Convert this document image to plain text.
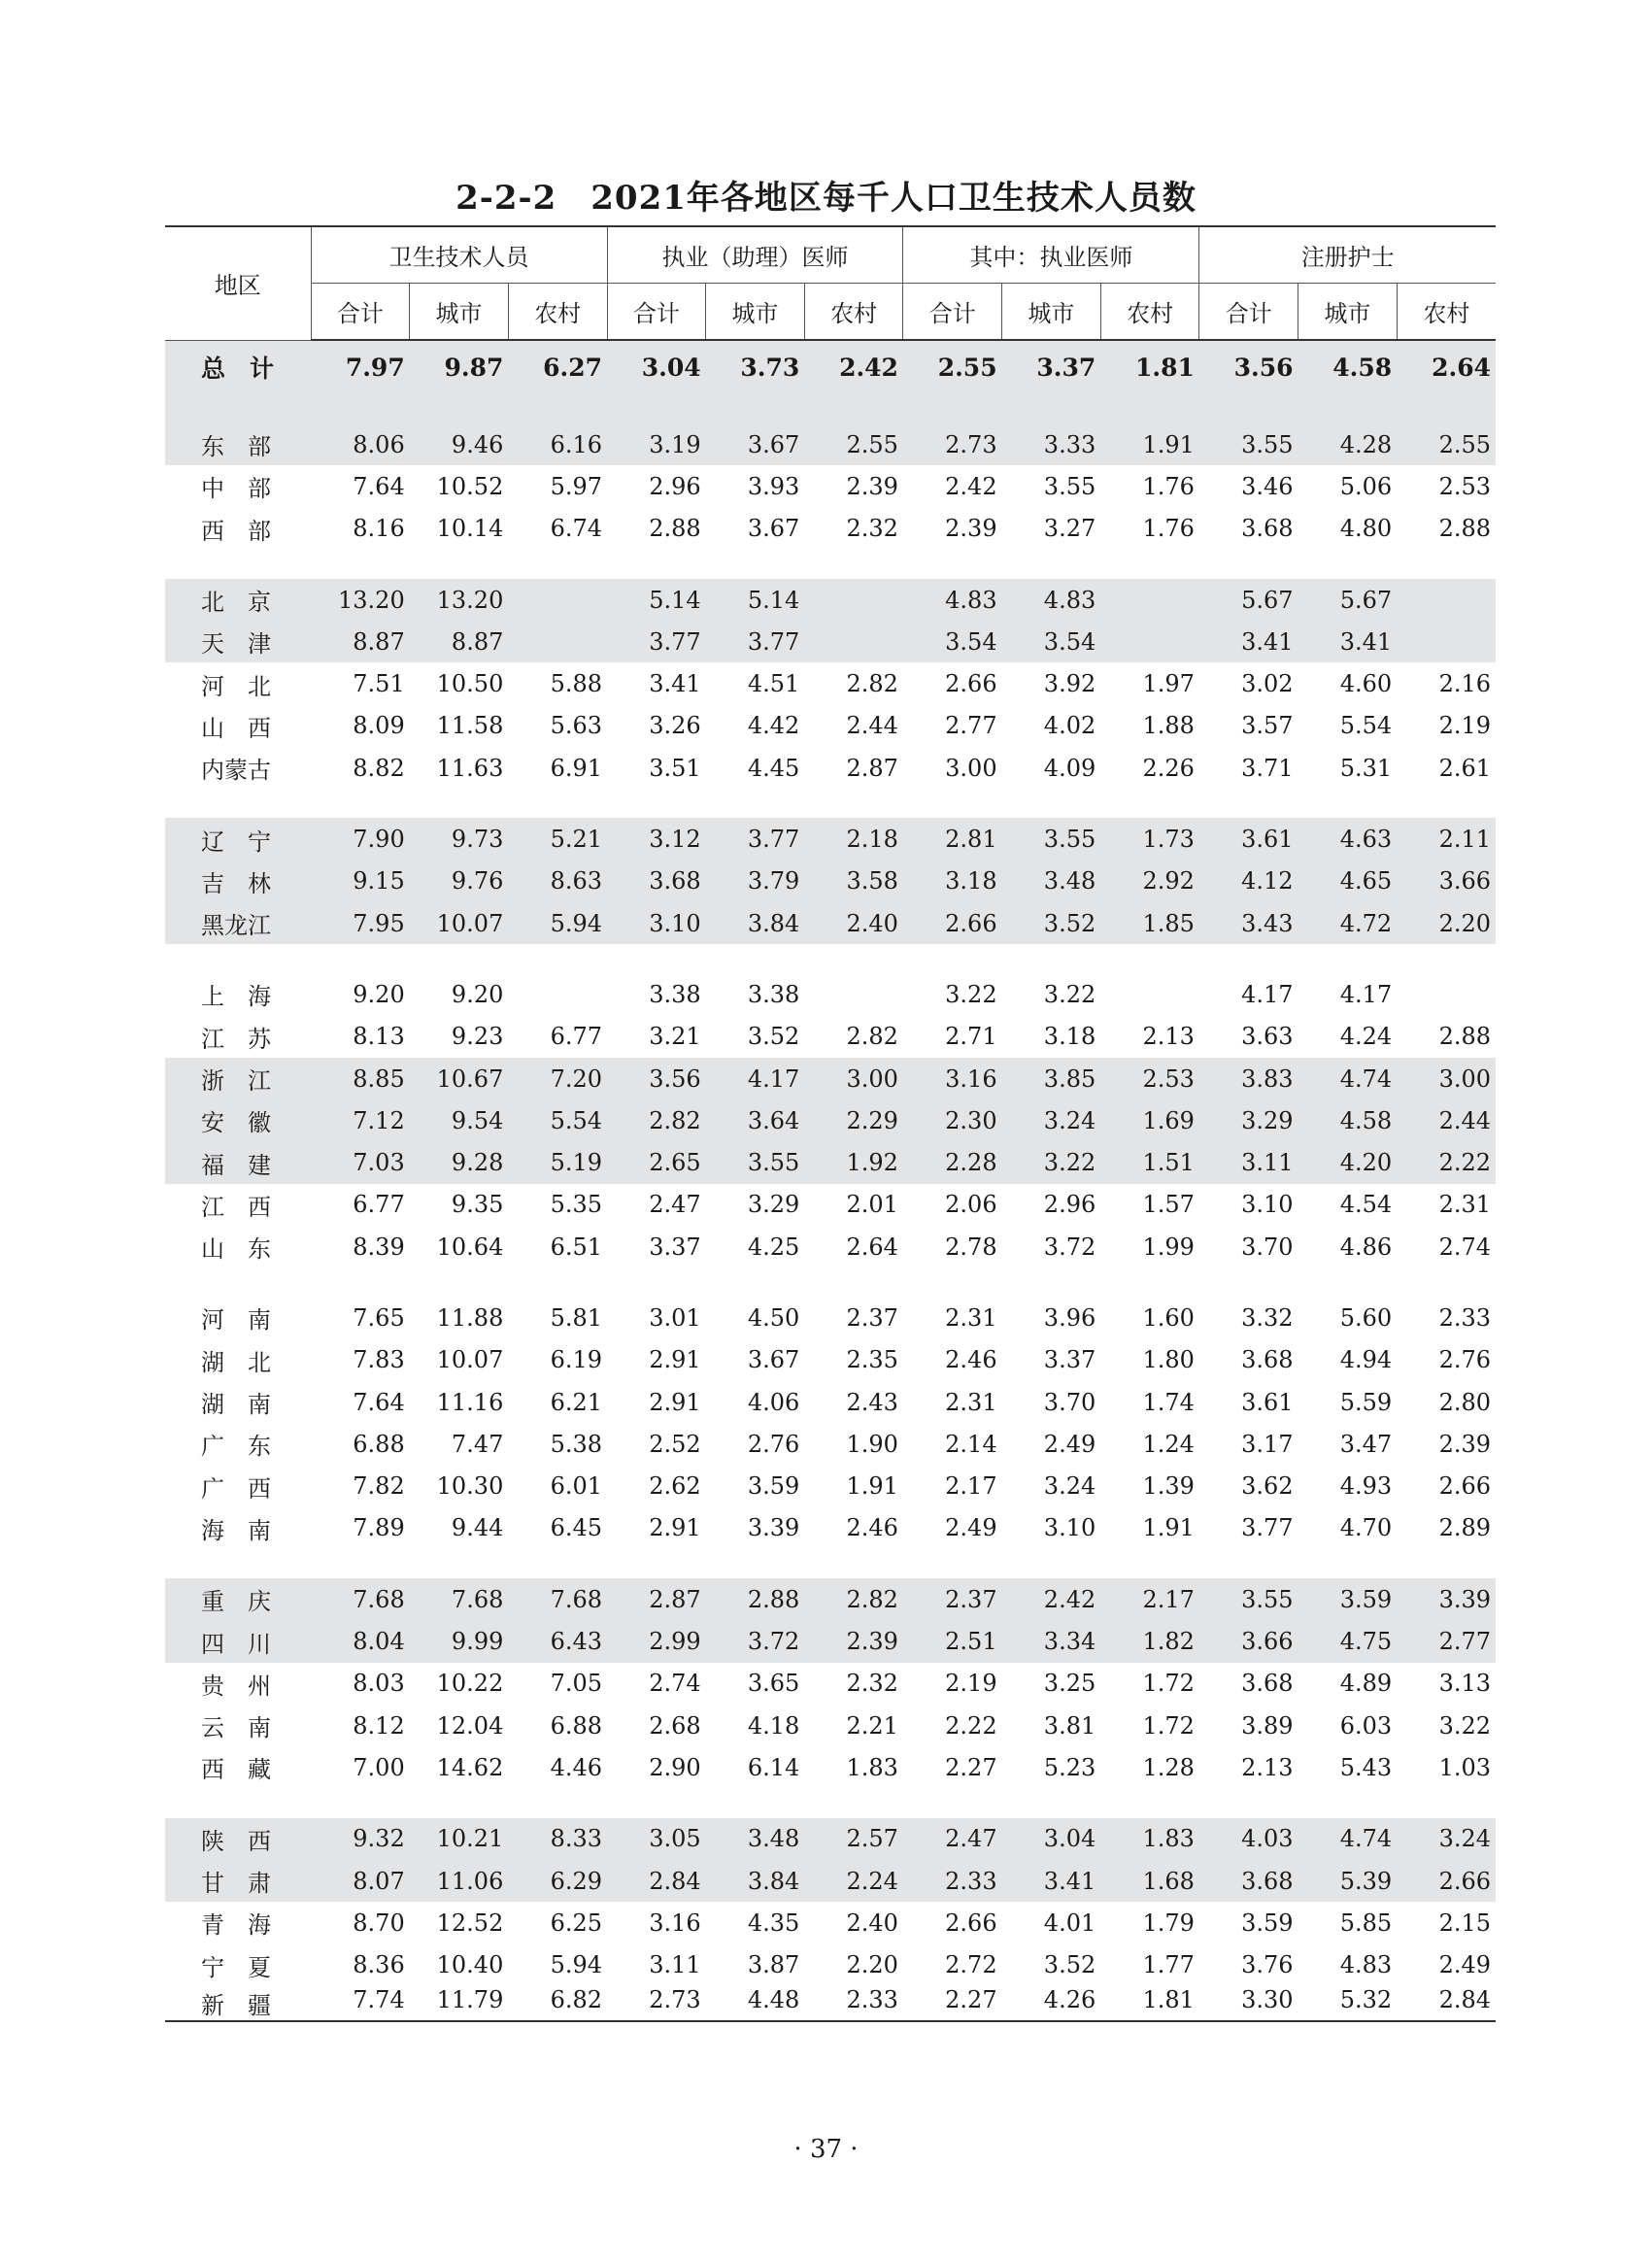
2-2-2　2021年各地区每千人口卫生技术人员数
地区	卫生技术人员			执业（助理）医师			其中：执业医师			注册护士		
	合计	城市	农村	合计	城市	农村	合计	城市	农村	合计	城市	农村
总　计	7.97	9.87	6.27	3.04	3.73	2.42	2.55	3.37	1.81	3.56	4.58	2.64

东　部	8.06	9.46	6.16	3.19	3.67	2.55	2.73	3.33	1.91	3.55	4.28	2.55
中　部	7.64	10.52	5.97	2.96	3.93	2.39	2.42	3.55	1.76	3.46	5.06	2.53
西　部	8.16	10.14	6.74	2.88	3.67	2.32	2.39	3.27	1.76	3.68	4.80	2.88

北　京	13.20	13.20		5.14	5.14		4.83	4.83		5.67	5.67	
天　津	8.87	8.87		3.77	3.77		3.54	3.54		3.41	3.41	
河　北	7.51	10.50	5.88	3.41	4.51	2.82	2.66	3.92	1.97	3.02	4.60	2.16
山　西	8.09	11.58	5.63	3.26	4.42	2.44	2.77	4.02	1.88	3.57	5.54	2.19
内蒙古	8.82	11.63	6.91	3.51	4.45	2.87	3.00	4.09	2.26	3.71	5.31	2.61

辽　宁	7.90	9.73	5.21	3.12	3.77	2.18	2.81	3.55	1.73	3.61	4.63	2.11
吉　林	9.15	9.76	8.63	3.68	3.79	3.58	3.18	3.48	2.92	4.12	4.65	3.66
黑龙江	7.95	10.07	5.94	3.10	3.84	2.40	2.66	3.52	1.85	3.43	4.72	2.20

上　海	9.20	9.20		3.38	3.38		3.22	3.22		4.17	4.17	
江　苏	8.13	9.23	6.77	3.21	3.52	2.82	2.71	3.18	2.13	3.63	4.24	2.88
浙　江	8.85	10.67	7.20	3.56	4.17	3.00	3.16	3.85	2.53	3.83	4.74	3.00
安　徽	7.12	9.54	5.54	2.82	3.64	2.29	2.30	3.24	1.69	3.29	4.58	2.44
福　建	7.03	9.28	5.19	2.65	3.55	1.92	2.28	3.22	1.51	3.11	4.20	2.22
江　西	6.77	9.35	5.35	2.47	3.29	2.01	2.06	2.96	1.57	3.10	4.54	2.31
山　东	8.39	10.64	6.51	3.37	4.25	2.64	2.78	3.72	1.99	3.70	4.86	2.74

河　南	7.65	11.88	5.81	3.01	4.50	2.37	2.31	3.96	1.60	3.32	5.60	2.33
湖　北	7.83	10.07	6.19	2.91	3.67	2.35	2.46	3.37	1.80	3.68	4.94	2.76
湖　南	7.64	11.16	6.21	2.91	4.06	2.43	2.31	3.70	1.74	3.61	5.59	2.80
广　东	6.88	7.47	5.38	2.52	2.76	1.90	2.14	2.49	1.24	3.17	3.47	2.39
广　西	7.82	10.30	6.01	2.62	3.59	1.91	2.17	3.24	1.39	3.62	4.93	2.66
海　南	7.89	9.44	6.45	2.91	3.39	2.46	2.49	3.10	1.91	3.77	4.70	2.89

重　庆	7.68	7.68	7.68	2.87	2.88	2.82	2.37	2.42	2.17	3.55	3.59	3.39
四　川	8.04	9.99	6.43	2.99	3.72	2.39	2.51	3.34	1.82	3.66	4.75	2.77
贵　州	8.03	10.22	7.05	2.74	3.65	2.32	2.19	3.25	1.72	3.68	4.89	3.13
云　南	8.12	12.04	6.88	2.68	4.18	2.21	2.22	3.81	1.72	3.89	6.03	3.22
西　藏	7.00	14.62	4.46	2.90	6.14	1.83	2.27	5.23	1.28	2.13	5.43	1.03

陕　西	9.32	10.21	8.33	3.05	3.48	2.57	2.47	3.04	1.83	4.03	4.74	3.24
甘　肃	8.07	11.06	6.29	2.84	3.84	2.24	2.33	3.41	1.68	3.68	5.39	2.66
青　海	8.70	12.52	6.25	3.16	4.35	2.40	2.66	4.01	1.79	3.59	5.85	2.15
宁　夏	8.36	10.40	5.94	3.11	3.87	2.20	2.72	3.52	1.77	3.76	4.83	2.49
新　疆	7.74	11.79	6.82	2.73	4.48	2.33	2.27	4.26	1.81	3.30	5.32	2.84
· 37 ·
